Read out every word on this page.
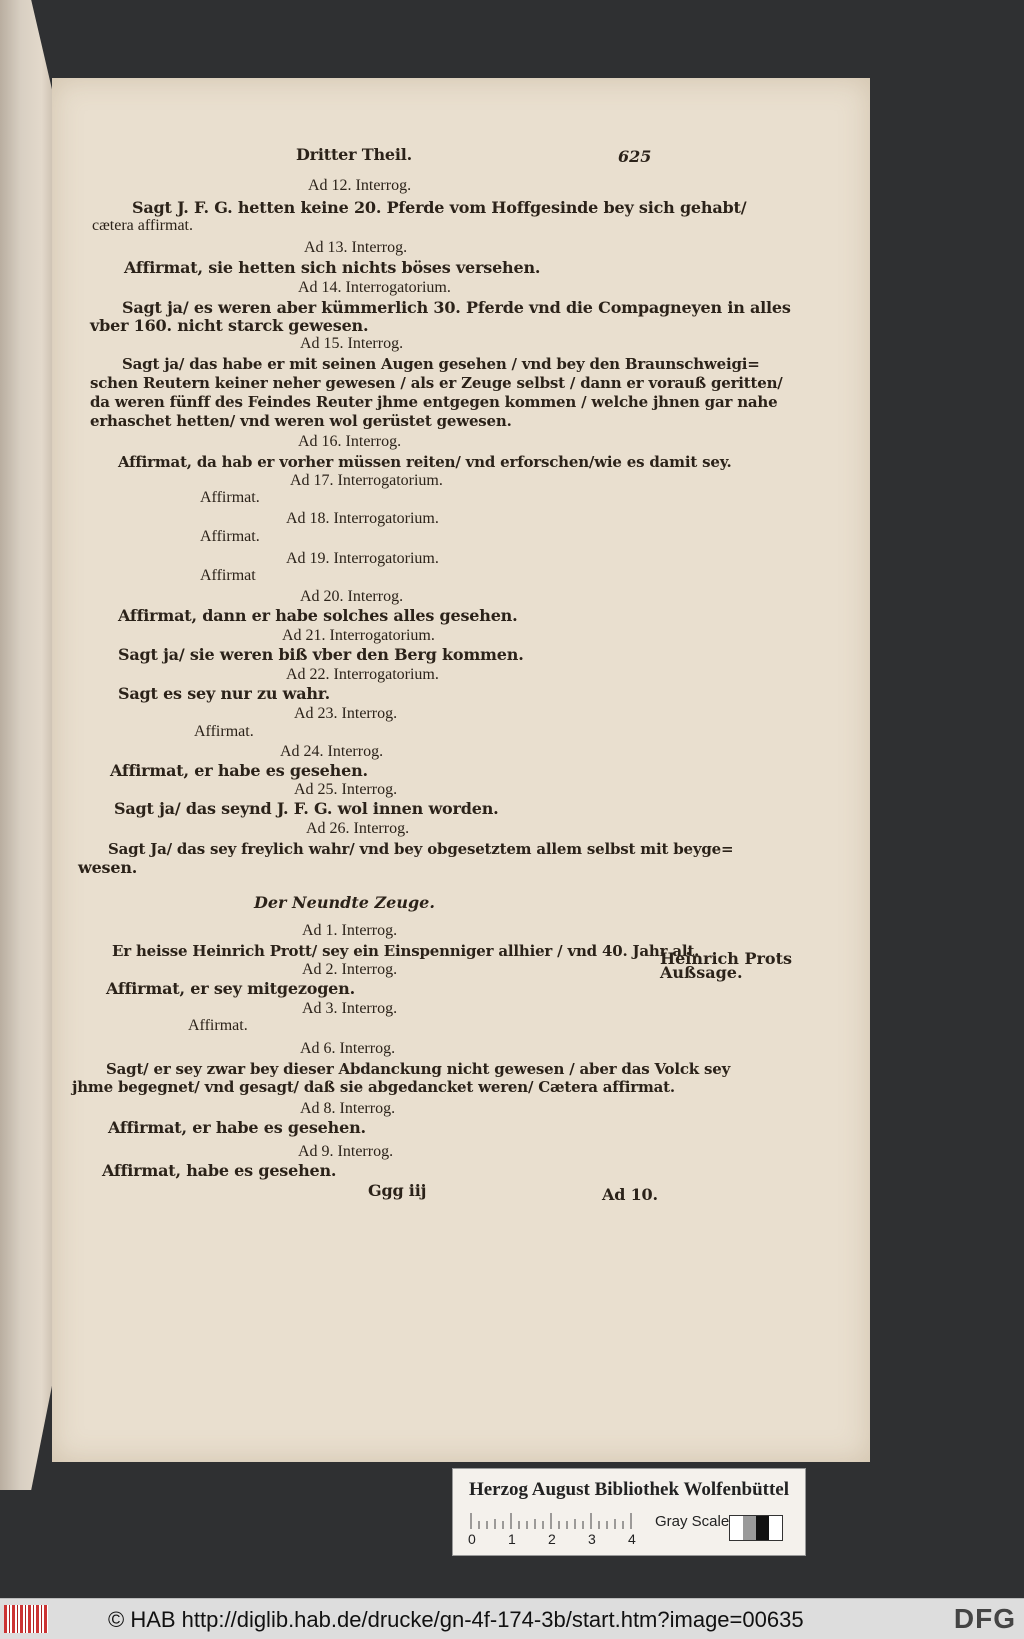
Dritter Theil.	625
Ad 12. Interrog.
Sagt J. F. G. hetten keine 20. Pferde vom Hoffgesinde bey sich gehabt/
cætera affirmat.
Ad 13. Interrog.
Affirmat, sie hetten sich nichts böses versehen.
Ad 14. Interrogatorium.
Sagt ja/ es weren aber kümmerlich 30. Pferde vnd die Compagneyen in alles
vber 160. nicht starck gewesen.
Ad 15. Interrog.
Sagt ja/ das habe er mit seinen Augen gesehen / vnd bey den Braunschweigi=
schen Reutern keiner neher gewesen / als er Zeuge selbst / dann er vorauß geritten/
da weren fünff des Feindes Reuter jhme entgegen kommen / welche jhnen gar nahe
erhaschet hetten/ vnd weren wol gerüstet gewesen.
Ad 16. Interrog.
Affirmat, da hab er vorher müssen reiten/ vnd erforschen/wie es damit sey.
Ad 17. Interrogatorium.
Affirmat.
Ad 18. Interrogatorium.
Affirmat.
Ad 19. Interrogatorium.
Affirmat
Ad 20. Interrog.
Affirmat, dann er habe solches alles gesehen.
Ad 21. Interrogatorium.
Sagt ja/ sie weren biß vber den Berg kommen.
Ad 22. Interrogatorium.
Sagt es sey nur zu wahr.
Ad 23. Interrog.
Affirmat.
Ad 24. Interrog.
Affirmat, er habe es gesehen.
Ad 25. Interrog.
Sagt ja/ das seynd J. F. G. wol innen worden.
Ad 26. Interrog.
Sagt Ja/ das sey freylich wahr/ vnd bey obgesetztem allem selbst mit beyge=
wesen.
Der Neundte Zeuge.
Ad 1. Interrog.
Er heisse Heinrich Prott/ sey ein Einspenniger allhier / vnd 40. Jahr alt.
Ad 2. Interrog.
Affirmat, er sey mitgezogen.
Ad 3. Interrog.
Affirmat.
Ad 6. Interrog.
Sagt/ er sey zwar bey dieser Abdanckung nicht gewesen / aber das Volck sey
jhme begegnet/ vnd gesagt/ daß sie abgedancket weren/ Cætera affirmat.
Ad 8. Interrog.
Affirmat, er habe es gesehen.
Ad 9. Interrog.
Affirmat, habe es gesehen.
Ggg iij	Ad 10.
Heinrich Prots
Außsage.
Herzog August Bibliothek Wolfenbüttel
0 1 2 3 4
Gray Scale
© HAB http://diglib.hab.de/drucke/gn-4f-174-3b/start.htm?image=00635	DFG
